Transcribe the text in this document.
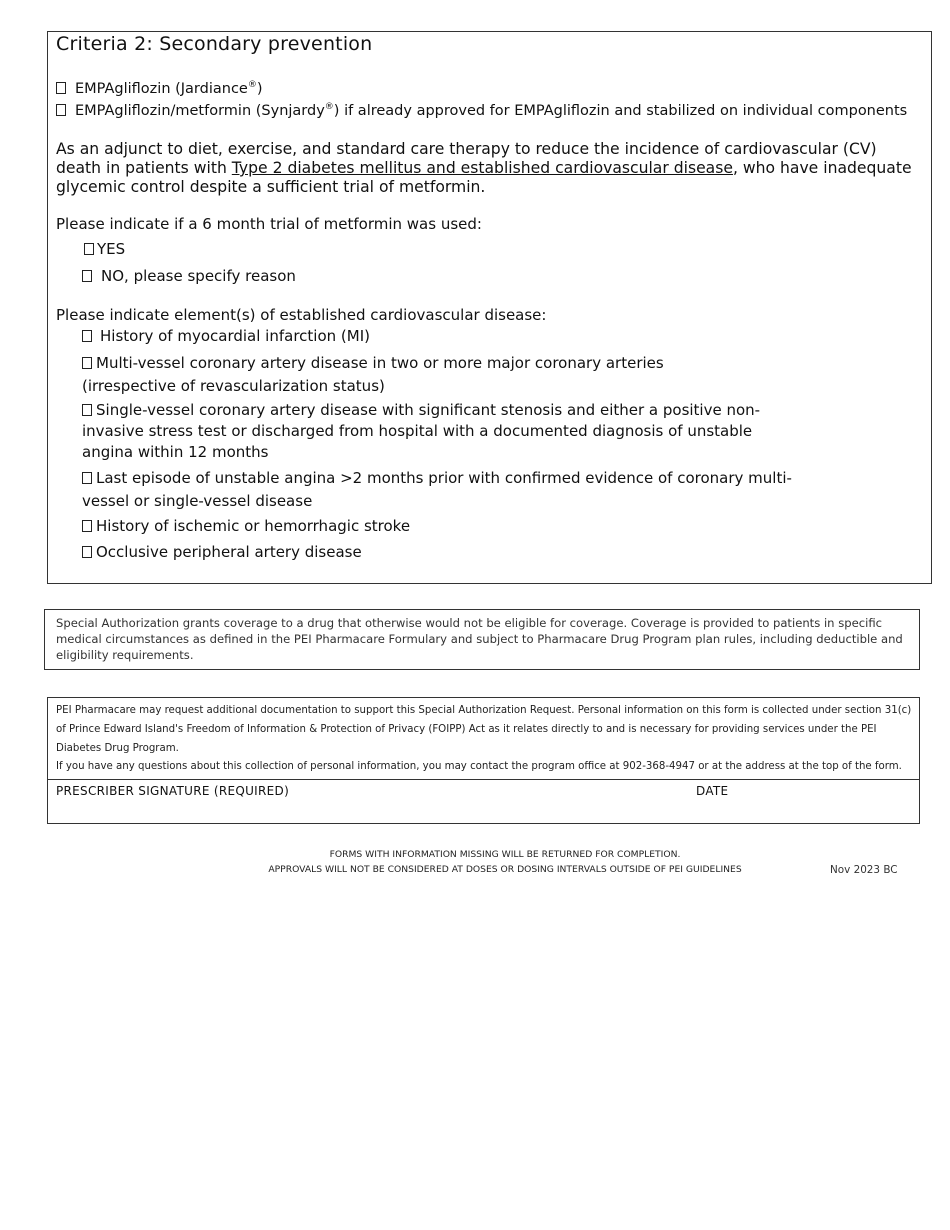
Criteria 2: Secondary prevention
EMPAgliflozin (Jardiance®)
EMPAgliflozin/metformin (Synjardy®) if already approved for EMPAgliflozin and stabilized on individual components
As an adjunct to diet, exercise, and standard care therapy to reduce the incidence of cardiovascular (CV) death in patients with Type 2 diabetes mellitus and established cardiovascular disease, who have inadequate glycemic control despite a sufficient trial of metformin.
Please indicate if a 6 month trial of metformin was used:
YES
NO, please specify reason
Please indicate element(s) of established cardiovascular disease:
History of myocardial infarction (MI)
Multi-vessel coronary artery disease in two or more major coronary arteries (irrespective of revascularization status)
Single-vessel coronary artery disease with significant stenosis and either a positive non-invasive stress test or discharged from hospital with a documented diagnosis of unstable angina within 12 months
Last episode of unstable angina >2 months prior with confirmed evidence of coronary multi-vessel or single-vessel disease
History of ischemic or hemorrhagic stroke
Occlusive peripheral artery disease
Special Authorization grants coverage to a drug that otherwise would not be eligible for coverage. Coverage is provided to patients in specific medical circumstances as defined in the PEI Pharmacare Formulary and subject to Pharmacare Drug Program plan rules, including deductible and eligibility requirements.
PEI Pharmacare may request additional documentation to support this Special Authorization Request. Personal information on this form is collected under section 31(c) of Prince Edward Island's Freedom of Information & Protection of Privacy (FOIPP) Act as it relates directly to and is necessary for providing services under the PEI Diabetes Drug Program.
If you have any questions about this collection of personal information, you may contact the program office at 902-368-4947 or at the address at the top of the form.
PRESCRIBER SIGNATURE (REQUIRED)	DATE
FORMS WITH INFORMATION MISSING WILL BE RETURNED FOR COMPLETION.
APPROVALS WILL NOT BE CONSIDERED AT DOSES OR DOSING INTERVALS OUTSIDE OF PEI GUIDELINES	Nov 2023 BC
